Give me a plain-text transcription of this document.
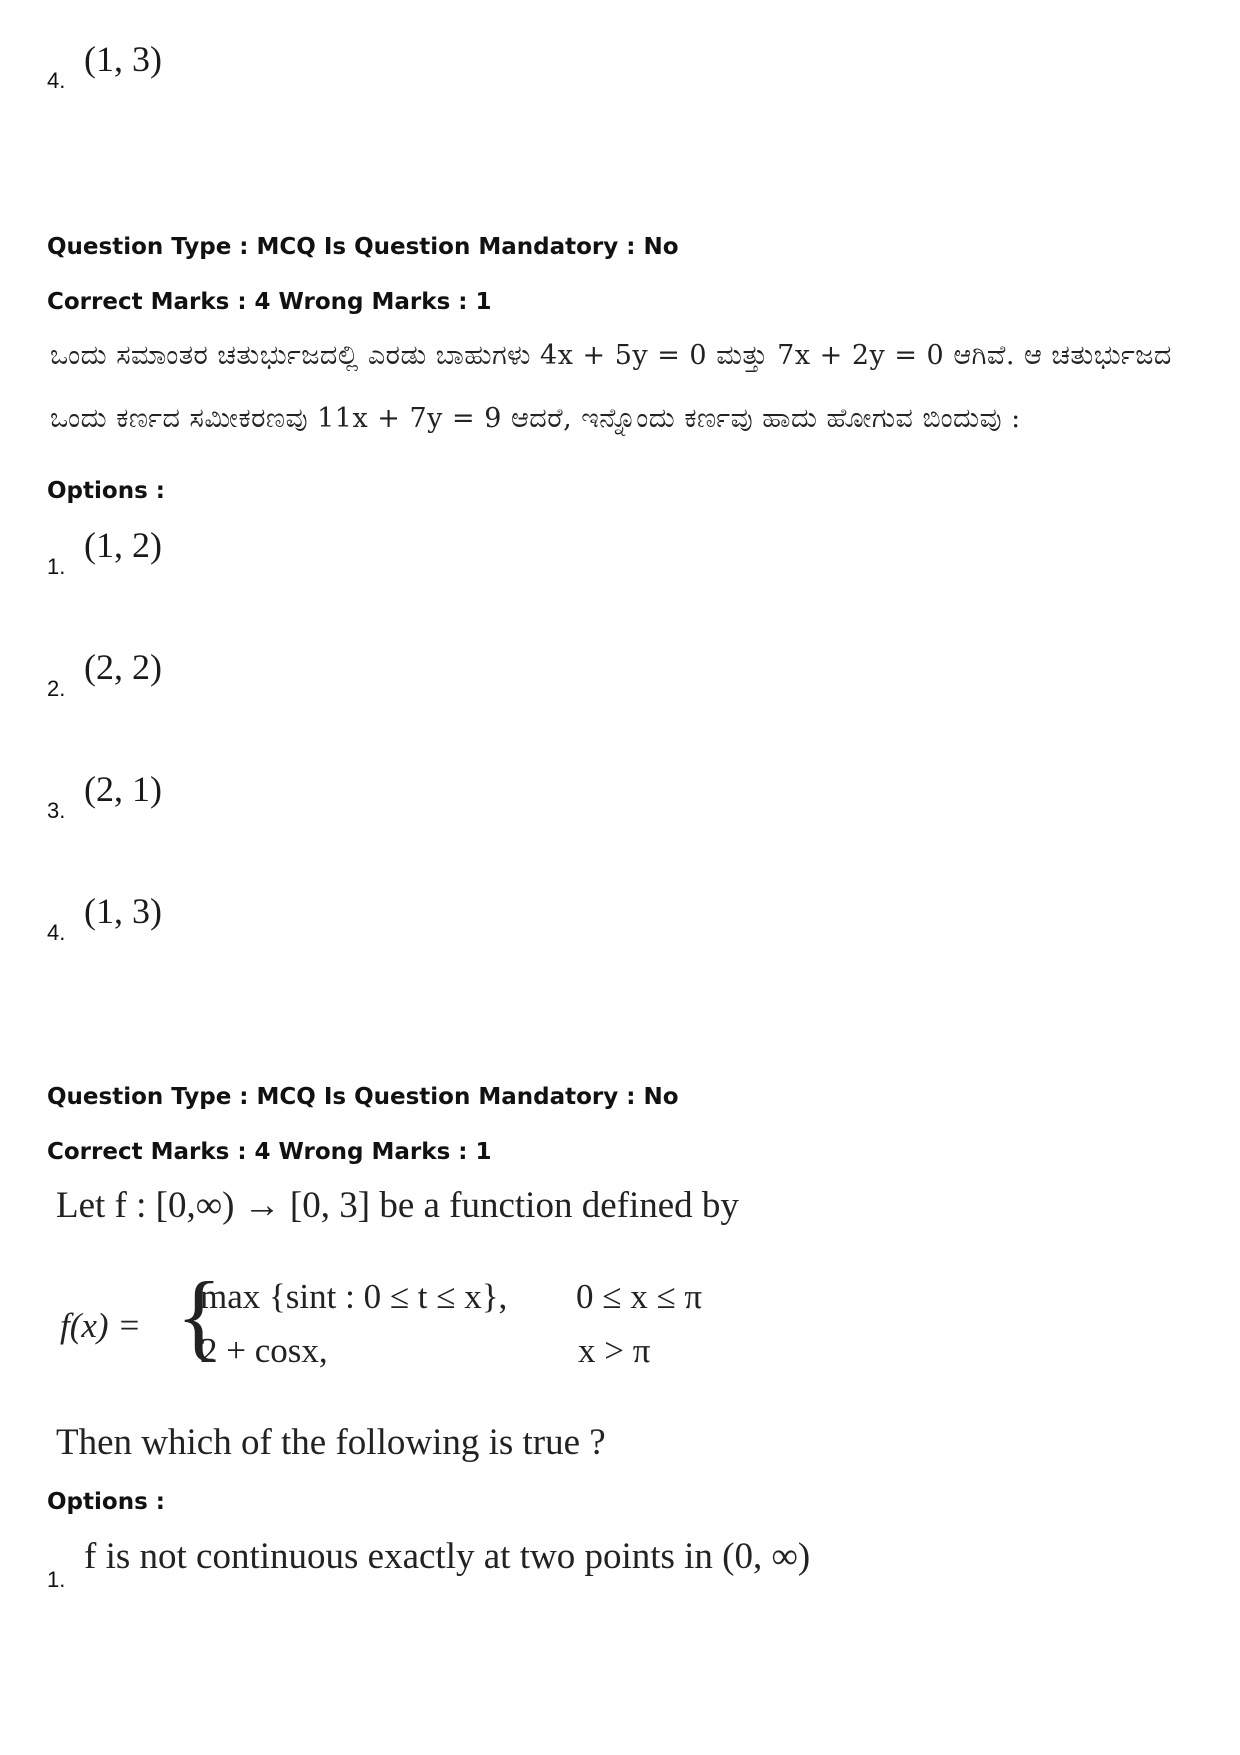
4.
(1, 3)
Question Type : MCQ Is Question Mandatory : No
Correct Marks : 4 Wrong Marks : 1
ಒಂದು ಸಮಾಂತರ ಚತುರ್ಭುಜದಲ್ಲಿ ಎರಡು ಬಾಹುಗಳು 4x + 5y = 0 ಮತ್ತು 7x + 2y = 0 ಆಗಿವೆ. ಆ ಚತುರ್ಭುಜದ
ಒಂದು ಕರ್ಣದ ಸಮೀಕರಣವು 11x + 7y = 9 ಆದರೆ, ಇನ್ನೊಂದು ಕರ್ಣವು ಹಾದು ಹೋಗುವ ಬಿಂದುವು :
Options :
1.
(1, 2)
2.
(2, 2)
3.
(2, 1)
4.
(1, 3)
Question Type : MCQ Is Question Mandatory : No
Correct Marks : 4 Wrong Marks : 1
Let f : [0,∞) → [0, 3] be a function defined by
f(x) = {
max {sint : 0 ≤ t ≤ x}, 0 ≤ x ≤ π
2 + cosx,	x > π
Then which of the following is true ?
Options :
1.
f is not continuous exactly at two points in (0, ∞)
